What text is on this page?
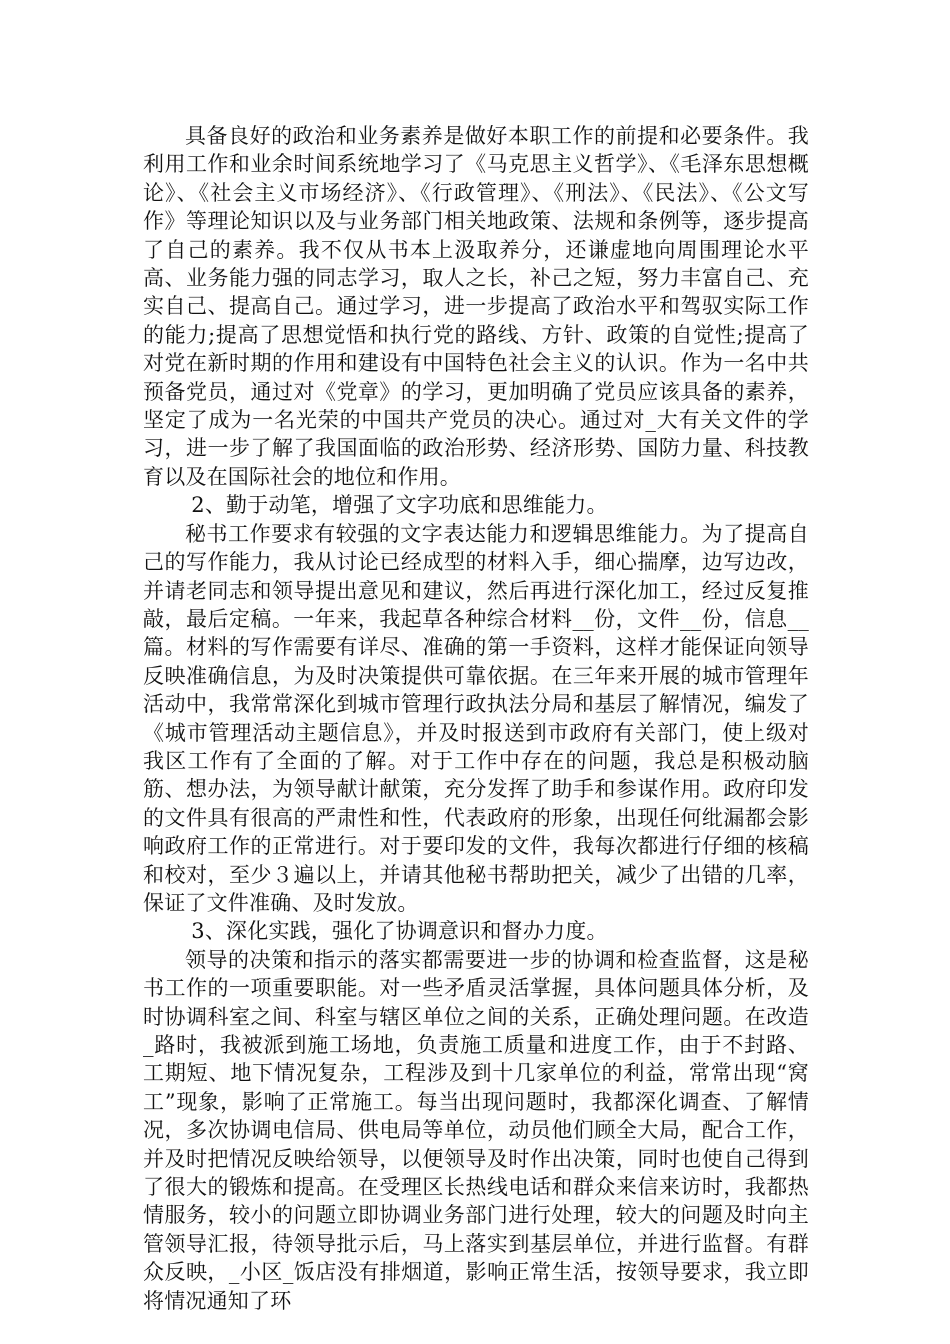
具备良好的政治和业务素养是做好本职工作的前提和必要条件。我利用工作和业余时间系统地学习了《马克思主义哲学》、《毛泽东思想概论》、《社会主义市场经济》、《行政管理》、《刑法》、《民法》、《公文写作》等理论知识以及与业务部门相关地政策、法规和条例等，逐步提高了自己的素养。我不仅从书本上汲取养分，还谦虚地向周围理论水平高、业务能力强的同志学习，取人之长，补己之短，努力丰富自己、充实自己、提高自己。通过学习，进一步提高了政治水平和驾驭实际工作的能力;提高了思想觉悟和执行党的路线、方针、政策的自觉性;提高了对党在新时期的作用和建设有中国特色社会主义的认识。作为一名中共预备党员，通过对《党章》的学习，更加明确了党员应该具备的素养，坚定了成为一名光荣的中国共产党员的决心。通过对_大有关文件的学习，进一步了解了我国面临的政治形势、经济形势、国防力量、科技教育以及在国际社会的地位和作用。

2、勤于动笔，增强了文字功底和思维能力。

秘书工作要求有较强的文字表达能力和逻辑思维能力。为了提高自己的写作能力，我从讨论已经成型的材料入手，细心揣摩，边写边改，并请老同志和领导提出意见和建议，然后再进行深化加工，经过反复推敲，最后定稿。一年来，我起草各种综合材料__份，文件__份，信息__篇。材料的写作需要有详尽、准确的第一手资料，这样才能保证向领导反映准确信息，为及时决策提供可靠依据。在三年来开展的城市管理年活动中，我常常深化到城市管理行政执法分局和基层了解情况，编发了《城市管理活动主题信息》，并及时报送到市政府有关部门，使上级对我区工作有了全面的了解。对于工作中存在的问题，我总是积极动脑筋、想办法，为领导献计献策，充分发挥了助手和参谋作用。政府印发的文件具有很高的严肃性和性，代表政府的形象，出现任何纰漏都会影响政府工作的正常进行。对于要印发的文件，我每次都进行仔细的核稿和校对，至少３遍以上，并请其他秘书帮助把关，减少了出错的几率，保证了文件准确、及时发放。

3、深化实践，强化了协调意识和督办力度。

领导的决策和指示的落实都需要进一步的协调和检查监督，这是秘书工作的一项重要职能。对一些矛盾灵活掌握，具体问题具体分析，及时协调科室之间、科室与辖区单位之间的关系，正确处理问题。在改造_路时，我被派到施工场地，负责施工质量和进度工作，由于不封路、工期短、地下情况复杂，工程涉及到十几家单位的利益，常常出现“窝工”现象，影响了正常施工。每当出现问题时，我都深化调查、了解情况，多次协调电信局、供电局等单位，动员他们顾全大局，配合工作，并及时把情况反映给领导，以便领导及时作出决策，同时也使自己得到了很大的锻炼和提高。在受理区长热线电话和群众来信来访时，我都热情服务，较小的问题立即协调业务部门进行处理，较大的问题及时向主管领导汇报，待领导批示后，马上落实到基层单位，并进行监督。有群众反映，_小区_饭店没有排烟道，影响正常生活，按领导要求，我立即将情况通知了环
